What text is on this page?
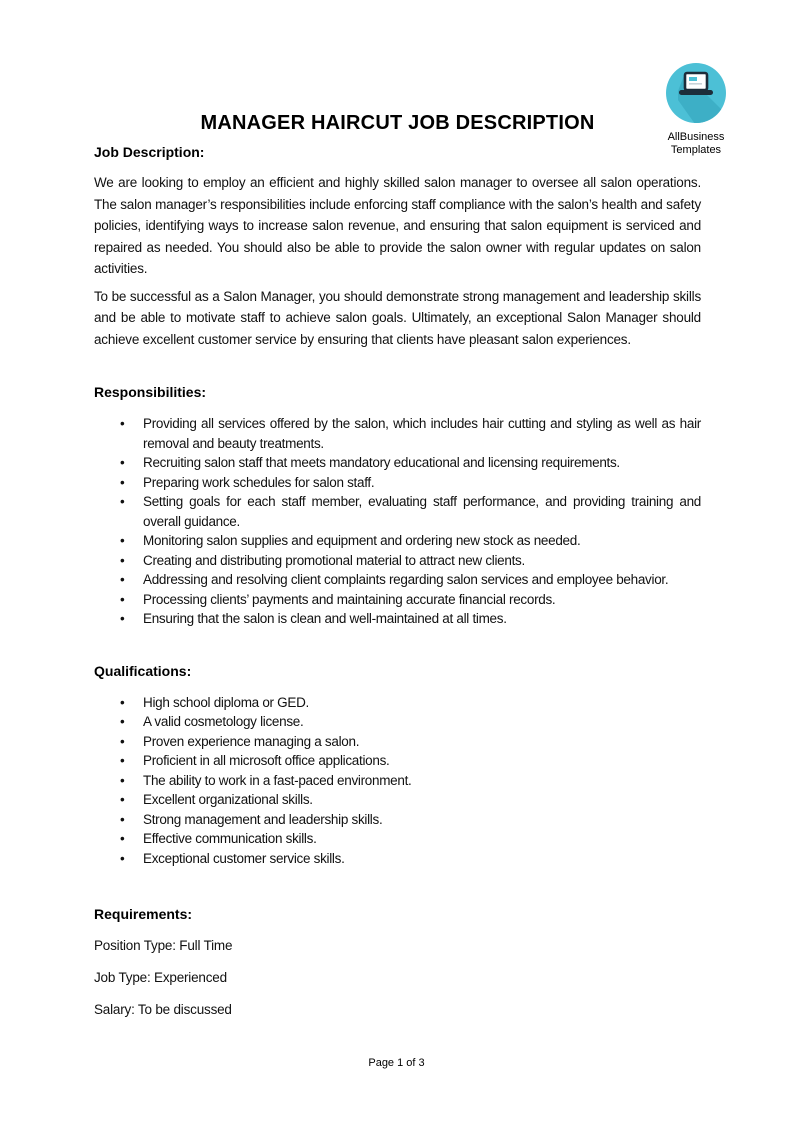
AllBusiness
Templates
MANAGER HAIRCUT JOB DESCRIPTION
Job Description:

We are looking to employ an efficient and highly skilled salon manager to oversee all salon operations. The salon manager’s responsibilities include enforcing staff compliance with the salon’s health and safety policies, identifying ways to increase salon revenue, and ensuring that salon equipment is serviced and repaired as needed. You should also be able to provide the salon owner with regular updates on salon activities.

To be successful as a Salon Manager, you should demonstrate strong management and leadership skills and be able to motivate staff to achieve salon goals. Ultimately, an exceptional Salon Manager should achieve excellent customer service by ensuring that clients have pleasant salon experiences.

Responsibilities:
• Providing all services offered by the salon, which includes hair cutting and styling as well as hair removal and beauty treatments.
• Recruiting salon staff that meets mandatory educational and licensing requirements.
• Preparing work schedules for salon staff.
• Setting goals for each staff member, evaluating staff performance, and providing training and overall guidance.
• Monitoring salon supplies and equipment and ordering new stock as needed.
• Creating and distributing promotional material to attract new clients.
• Addressing and resolving client complaints regarding salon services and employee behavior.
• Processing clients’ payments and maintaining accurate financial records.
• Ensuring that the salon is clean and well-maintained at all times.
Qualifications:
• High school diploma or GED.
• A valid cosmetology license.
• Proven experience managing a salon.
• Proficient in all microsoft office applications.
• The ability to work in a fast-paced environment.
• Excellent organizational skills.
• Strong management and leadership skills.
• Effective communication skills.
• Exceptional customer service skills.
Requirements:

Position Type: Full Time

Job Type: Experienced

Salary: To be discussed

Page 1 of 3
